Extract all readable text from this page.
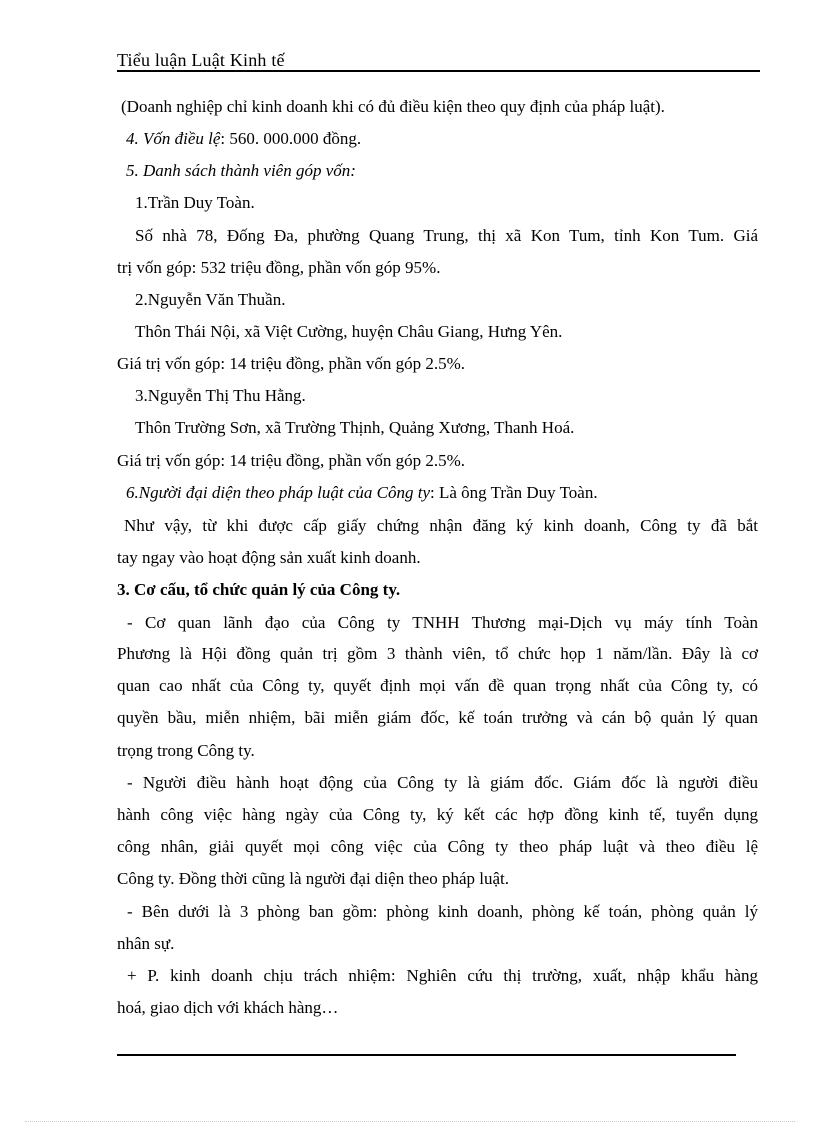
Tiểu luận Luật Kinh tế
(Doanh nghiệp chỉ kinh doanh khi có đủ điều kiện theo quy định của pháp luật).
4. Vốn điều lệ: 560. 000.000 đồng.
5. Danh sách thành viên góp vốn:
1.Trần Duy Toàn.
Số nhà 78, Đống Đa, phường Quang Trung, thị xã Kon Tum, tỉnh Kon Tum. Giá
trị vốn góp: 532 triệu đồng, phần vốn góp 95%.
2.Nguyễn Văn Thuần.
Thôn Thái Nội, xã Việt Cường, huyện Châu Giang, Hưng Yên.
Giá trị vốn góp: 14 triệu đồng, phần vốn góp 2.5%.
3.Nguyễn Thị Thu Hằng.
Thôn Trường Sơn, xã Trường Thịnh, Quảng Xương, Thanh Hoá.
Giá trị vốn góp: 14 triệu đồng, phần vốn góp 2.5%.
6.Người đại diện theo pháp luật của Công ty: Là ông Trần Duy Toàn.
Như vậy, từ khi được cấp giấy chứng nhận đăng ký kinh doanh, Công ty đã bắt
tay ngay vào hoạt động sản xuất kinh doanh.
3. Cơ cấu, tổ chức quản lý của Công ty.
- Cơ quan lãnh đạo của Công ty TNHH Thương mại-Dịch vụ máy tính Toàn
Phương là Hội đồng quản trị gồm 3 thành viên, tổ chức họp 1 năm/lần. Đây là cơ
quan cao nhất của Công ty, quyết định mọi vấn đề quan trọng nhất của Công ty, có
quyền bầu, miễn nhiệm, bãi miễn giám đốc, kế toán trưởng và cán bộ quản lý quan
trọng trong Công ty.
- Người điều hành hoạt động của Công ty là giám đốc. Giám đốc là người điều
hành công việc hàng ngày của Công ty, ký kết các hợp đồng kinh tế, tuyển dụng
công nhân, giải quyết mọi công việc của Công ty theo pháp luật và theo điều lệ
Công ty. Đồng thời cũng là người đại diện theo pháp luật.
- Bên dưới là 3 phòng ban gồm: phòng kinh doanh, phòng kế toán, phòng quản lý
nhân sự.
+ P. kinh doanh chịu trách nhiệm: Nghiên cứu thị trường, xuất, nhập khẩu hàng
hoá, giao dịch với khách hàng…
